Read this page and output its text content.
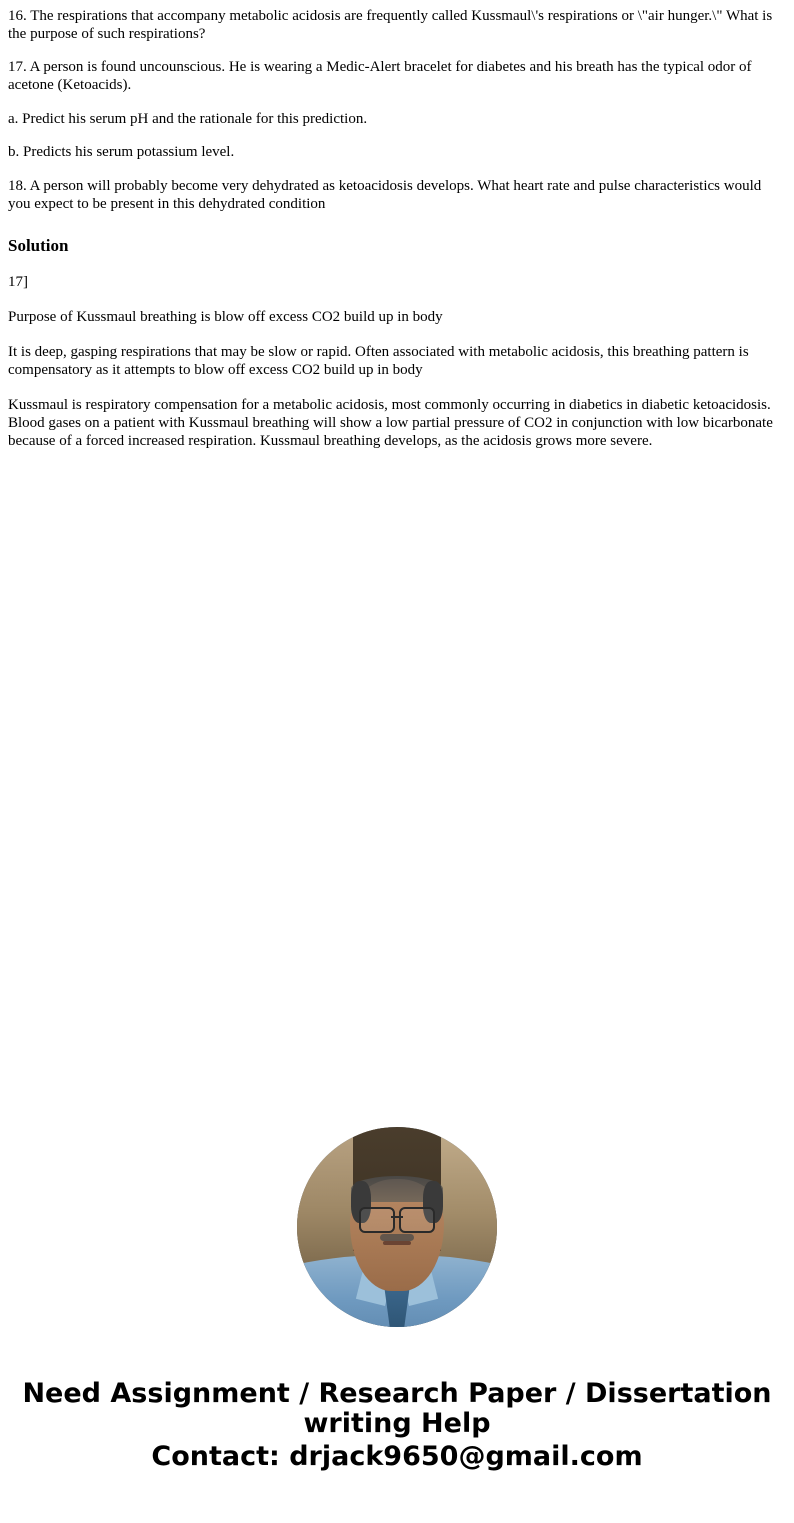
16. The respirations that accompany metabolic acidosis are frequently called Kussmaul\'s respirations or \"air hunger.\" What is the purpose of such respirations?

17. A person is found uncounscious. He is wearing a Medic-Alert bracelet for diabetes and his breath has the typical odor of acetone (Ketoacids).

a. Predict his serum pH and the rationale for this prediction.

b. Predicts his serum potassium level.

18. A person will probably become very dehydrated as ketoacidosis develops. What heart rate and pulse characteristics would you expect to be present in this dehydrated condition

Solution

17]

Purpose of Kussmaul breathing is blow off excess CO2 build up in body

It is deep, gasping respirations that may be slow or rapid. Often associated with metabolic acidosis, this breathing pattern is compensatory as it attempts to blow off excess CO2 build up in body

Kussmaul is respiratory compensation for a metabolic acidosis, most commonly occurring in diabetics in diabetic ketoacidosis. Blood gases on a patient with Kussmaul breathing will show a low partial pressure of CO2 in conjunction with low bicarbonate because of a forced increased respiration. Kussmaul breathing develops, as the acidosis grows more severe.

Need Assignment / Research Paper / Dissertation
writing Help
Contact: drjack9650@gmail.com
